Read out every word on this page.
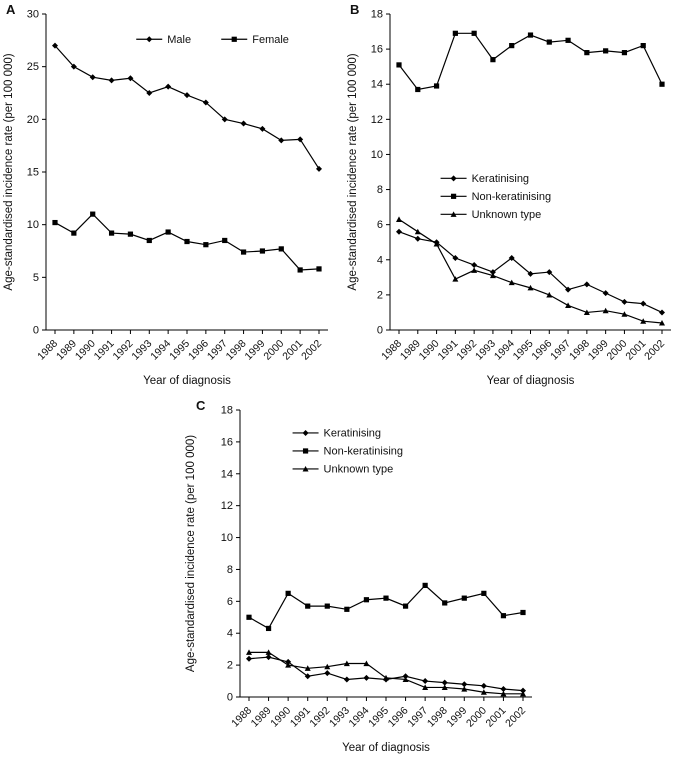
A
0
5
10
15
20
25
30
1988
1989
1990
1991
1992
1993
1994
1995
1996
1997
1998
1999
2000
2001
2002
Year of diagnosis
Age-standardised incidence rate (per 100 000)
Male	Female
B
0
2
4
6
8
10
12
14
16
18
1988
1989
1990
1991
1992
1993
1994
1995
1996
1997
1998
1999
2000
2001
2002
Year of diagnosis
Age-standardised incidence rate (per 100 000)	Keratinising
Non-keratinising
Unknown type
C
0
2
4
6
8
10
12
14
16
18
1988
1989
1990
1991
1992
1993
1994
1995
1996
1997
1998
1999
2000
2001
2002
Year of diagnosis
Age-standardised incidence rate (per 100 000)
Keratinising
Non-keratinising
Unknown type
